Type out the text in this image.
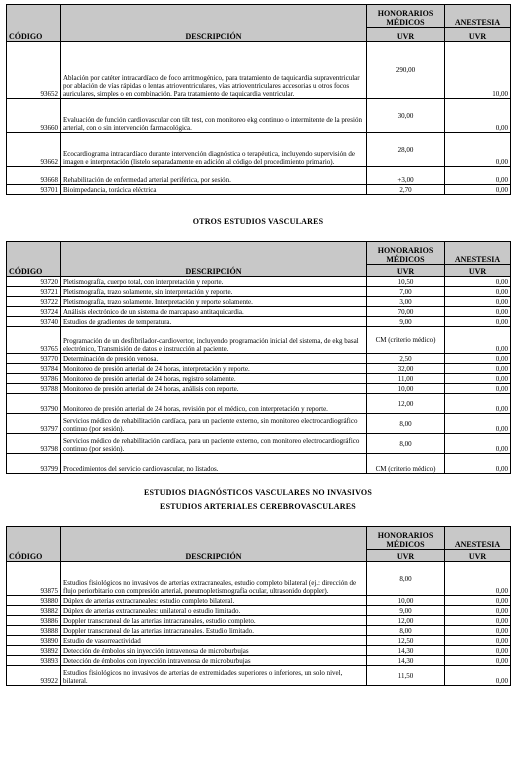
CÓDIGO	DESCRIPCIÓN	HONORARIOS MÉDICOS	ANESTESIA
		UVR	UVR
93652	Ablación por catéter intracardíaco de foco arritmogénico, para tratamiento de taquicardia supraventricular por ablación de vías rápidas o lentas atrioventriculares, vías atrioventriculares accesorias u otros focos auriculares, simples o en combinación. Para tratamiento de taquicardia ventricular.	290,00	10,00
93660	Evaluación de función cardiovascular con tilt test, con monitoreo ekg continuo o intermitente de la presión arterial, con o sin intervención farmacológica.	30,00	0,00
93662	Ecocardiograma intracardíaco durante intervención diagnóstica o terapéutica, incluyendo supervisión de imagen e interpretación (listelo separadamente en adición al código del procedimiento primario).	28,00	0,00
93668	Rehabilitación de enfermedad arterial periférica, por sesión.	+3,00	0,00
93701	Bioimpedancia, torácica eléctrica	2,70	0,00
OTROS ESTUDIOS VASCULARES
CÓDIGO	DESCRIPCIÓN	HONORARIOS MÉDICOS	ANESTESIA
		UVR	UVR
93720	Pletismografía, cuerpo total, con interpretación y reporte.	10,50	0,00
93721	Pletismografía, trazo solamente, sin interpretación y reporte.	7,00	0,00
93722	Pletismografía, trazo solamente. Interpretación y reporte solamente.	3,00	0,00
93724	Análisis electrónico de un sistema de marcapaso antitaquicardia.	70,00	0,00
93740	Estudios de gradientes de temperatura.	9,00	0,00
93765	Programación de un desfibrilador-cardiovertor, incluyendo programación inicial del sistema, de ekg basal electrónico, Transmisión de datos e instrucción al paciente.	CM (criterio médico)	0,00
93770	Determinación de presión venosa.	2,50	0,00
93784	Monitoreo de presión arterial de 24 horas, interpretación y reporte.	32,00	0,00
93786	Monitoreo de presión arterial de 24 horas, registro solamente.	11,00	0,00
93788	Monitoreo de presión arterial de 24 horas, análisis con reporte.	10,00	0,00
93790	Monitoreo de presión arterial de 24 horas, revisión por el médico, con interpretación y reporte.	12,00	0,00
93797	Servicios médico de rehabilitación cardíaca, para un paciente externo, sin monitoreo electrocardiográfico continuo (por sesión).	8,00	0,00
93798	Servicios médico de rehabilitación cardíaca, para un paciente externo, con monitoreo electrocardiográfico continuo (por sesión).	8,00	0,00
93799	Procedimientos del servicio cardiovascular, no listados.	CM (criterio médico)	0,00
ESTUDIOS DIAGNÓSTICOS VASCULARES NO INVASIVOS
ESTUDIOS ARTERIALES CEREBROVASCULARES
CÓDIGO	DESCRIPCIÓN	HONORARIOS MÉDICOS	ANESTESIA
		UVR	UVR
93875	Estudios fisiológicos no invasivos de arterias extracraneales, estudio completo bilateral (ej.: dirección de flujo periorbitario con compresión arterial, pneumopletismografía ocular, ultrasonido doppler).	8,00	0,00
93880	Dúplex de arterias extracraneales: estudio completo bilateral.	10,00	0,00
93882	Dúplex de arterias extracraneales: unilateral o estudio limitado.	9,00	0,00
93886	Doppler transcraneal de las arterias intracraneales, estudio completo.	12,00	0,00
93888	Doppler transcraneal de las arterias intracraneales. Estudio limitado.	8,00	0,00
93890	Estudio de vasorreactividad	12,50	0,00
93892	Detección de émbolos sin inyección intravenosa de microburbujas	14,30	0,00
93893	Detección de émbolos con inyección intravenosa de microburbujas	14,30	0,00
93922	Estudios fisiológicos no invasivos de arterias de extremidades superiores o inferiores, un solo nivel, bilateral.	11,50	0,00
